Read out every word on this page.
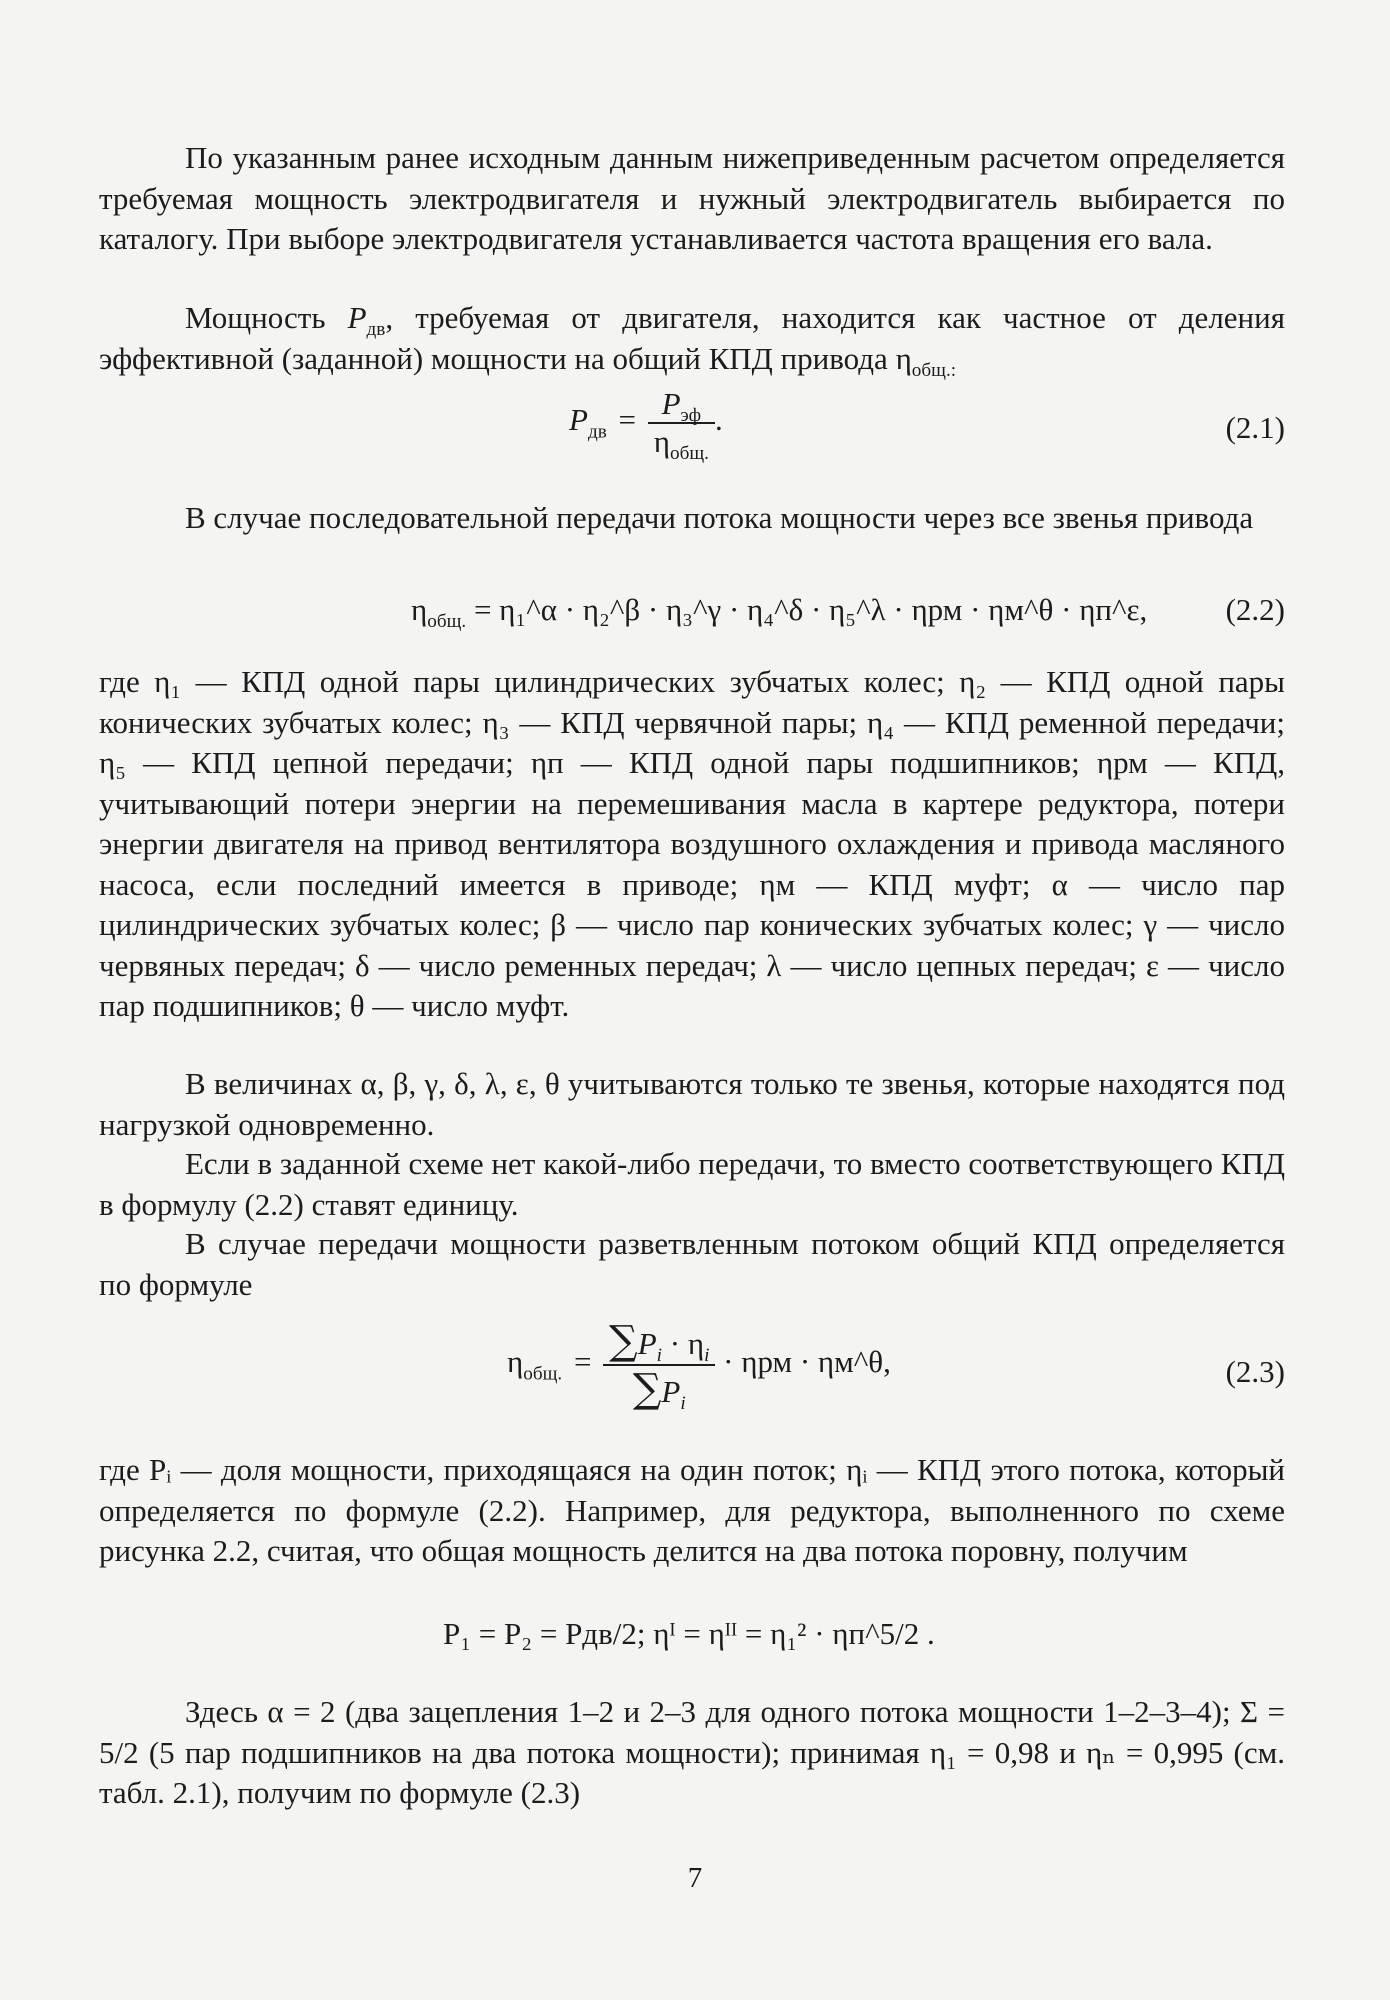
По указанным ранее исходным данным нижеприведенным расчетом определяется требуемая мощность электродвигателя и нужный электродвигатель выбирается по каталогу. При выборе электродвигателя устанавливается частота вращения его вала.
Мощность $P_{дв}$, требуемая от двигателя, находится как частное от деления эффективной (заданной) мощности на общий КПД привода $\eta_{общ.:}$
$P_{дв} = \frac{P_{эф}}{\eta_{общ.}}$ .	(2.1)
В случае последовательной передачи потока мощности через все звенья привода
$\eta_{общ.}$ = η₁^α · η₂^β · η₃^γ · η₄^δ · η₅^λ · ηрм · ηм^θ · ηп^ε,	(2.2)
где η₁ — КПД одной пары цилиндрических зубчатых колес; η₂ — КПД одной пары конических зубчатых колес; η₃ — КПД червячной пары; η₄ — КПД ременной передачи; η₅ — КПД цепной передачи; ηп — КПД одной пары подшипников; ηрм — КПД, учитывающий потери энергии на перемешивания масла в картере редуктора, потери энергии двигателя на привод вентилятора воздушного охлаждения и привода масляного насоса, если последний имеется в приводе; ηм — КПД муфт; α — число пар цилиндрических зубчатых колес; β — число пар конических зубчатых колес; γ — число червяных передач; δ — число ременных передач; λ — число цепных передач; ε — число пар подшипников; θ — число муфт.
В величинах α, β, γ, δ, λ, ε, θ учитываются только те звенья, которые находятся под нагрузкой одновременно.
Если в заданной схеме нет какой-либо передачи, то вместо соответствующего КПД в формулу (2.2) ставят единицу.
В случае передачи мощности разветвленным потоком общий КПД определяется по формуле
$\eta_{общ.} = \frac{\sum P_i \cdot \eta_i}{\sum P_i} \cdot \eta рм$ · ηм^θ,	(2.3)
где Pᵢ — доля мощности, приходящаяся на один поток; ηᵢ — КПД этого потока, который определяется по формуле (2.2). Например, для редуктора, выполненного по схеме рисунка 2.2, считая, что общая мощность делится на два потока поровну, получим
P₁ = P₂ = Pдв/2; ηᴵ = ηᴵᴵ = η₁² · ηп^5/2 .
Здесь α = 2 (два зацепления 1–2 и 2–3 для одного потока мощности 1–2–3–4); Σ = 5/2 (5 пар подшипников на два потока мощности); принимая η₁ = 0,98 и ηₙ = 0,995 (см. табл. 2.1), получим по формуле (2.3)
7
